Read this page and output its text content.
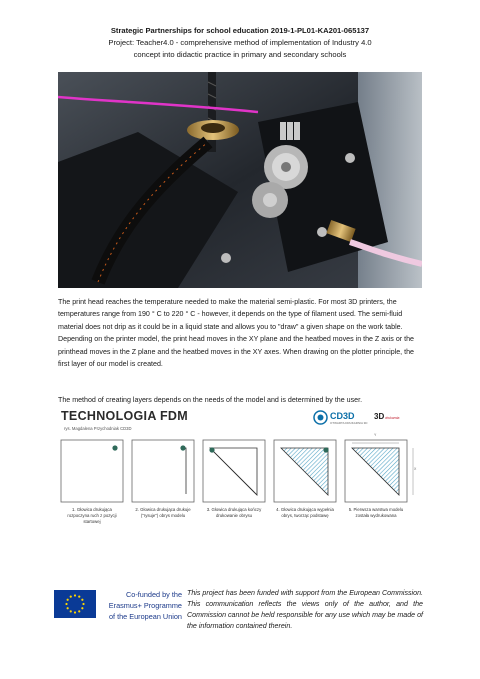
Strategic Partnerships for school education 2019-1-PL01-KA201-065137
Project: Teacher4.0 - comprehensive method of implementation of Industry 4.0
concept into didactic practice in primary and secondary schools
The print head reaches the temperature needed to make the material semi-plastic. For most 3D printers, the temperatures range from 190 ° C to 220 ° C - however, it depends on the type of filament used. The semi-fluid material does not drip as it could be in a liquid state and allows you to "draw" a given shape on the work table. Depending on the printer model, the print head moves in the XY plane and the heatbed moves in the Z axis or the printhead moves in the Z plane and the heatbed moves in the XY axes. When drawing on the plotter principle, the first layer of our model is created.
The method of creating layers depends on the needs of the model and is determined by the user.
TECHNOLOGIA FDM
rys. Magdalena Przychodniak CD3D
CD3D
OTWARTA DRUKARNIA 3D
3Ddrukarnia
Y
X
1. Głowica drukująca rozpoczyna ruch z pozycji startowej
2. Głowica drukująca drukuje ("rysuje") obrys modelu
3. Głowica drukująca kończy drukowanie obrysu
4. Głowica drukująca wypełnia obrys, tworząc podstawę
5. Pierwsza warstwa modelu została wydrukowana
Co-funded by the
Erasmus+ Programme
of the European Union
This project has been funded with support from the European Commission. This communication reflects the views only of the author, and the Commission cannot be held responsible for any use which may be made of the information contained therein.
